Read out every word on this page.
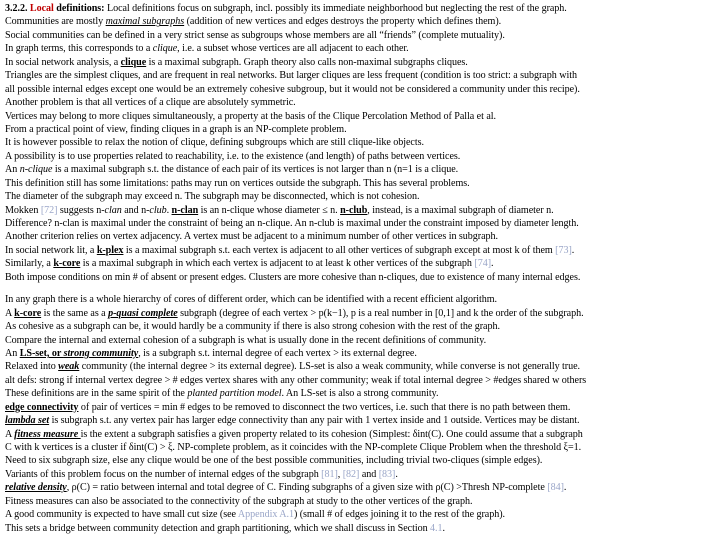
3.2.2. Local definitions: Local definitions focus on subgraph, incl. possibly its immediate neighborhood but neglecting the rest of the graph.
Communities are mostly maximal subgraphs (addition of new vertices and edges destroys the property which defines them).
Social communities can be defined in a very strict sense as subgroups whose members are all “friends” (complete mutuality).
In graph terms, this corresponds to a clique, i.e. a subset whose vertices are all adjacent to each other.
In social network analysis, a clique is a maximal subgraph. Graph theory also calls non-maximal subgraphs cliques.
Triangles are the simplest cliques, and are frequent in real networks. But larger cliques are less frequent (condition is too strict: a subgraph with
all possible internal edges except one would be an extremely cohesive subgroup, but it would not be considered a community under this recipe).
Another problem is that all vertices of a clique are absolutely symmetric.
Vertices may belong to more cliques simultaneously, a property at the basis of the Clique Percolation Method of Palla et al.
From a practical point of view, finding cliques in a graph is an NP-complete problem.
It is however possible to relax the notion of clique, defining subgroups which are still clique-like objects.
A possibility is to use properties related to reachability, i.e. to the existence (and length) of paths between vertices.
An n-clique is a maximal subgraph s.t. the distance of each pair of its vertices is not larger than n (n=1 is a clique.
This definition still has some limitations: paths may run on vertices outside the subgraph. This has several problems.
The diameter of the subgraph may exceed n. The subgraph may be disconnected, which is not cohesion.
Mokken [72] suggests n-clan and n-club. n-clan is an n-clique whose diameter ≤ n. n-club, instead, is a maximal subgraph of diameter n.
Difference? n-clan is maximal under the constraint of being an n-clique. An n-club is maximal under the constraint imposed by diameter length.
Another criterion relies on vertex adjacency. A vertex must be adjacent to a minimum number of other vertices in subgraph.
In social network lit, a k-plex is a maximal subgraph s.t. each vertex is adjacent to all other vertices of subgraph except at most k of them [73].
Similarly, a k-core is a maximal subgraph in which each vertex is adjacent to at least k other vertices of the subgraph [74].
Both impose conditions on min # of absent or present edges. Clusters are more cohesive than n-cliques, due to existence of many internal edges.
In any graph there is a whole hierarchy of cores of different order, which can be identified with a recent efficient algorithm.
A k-core is the same as a p-quasi complete subgraph (degree of each vertex > p(k−1), p is a real number in [0,1] and k the order of the subgraph.
As cohesive as a subgraph can be, it would hardly be a community if there is also strong cohesion with the rest of the graph.
Compare the internal and external cohesion of a subgraph is what is usually done in the recent definitions of community.
An LS-set, or strong community, is a subgraph s.t. internal degree of each vertex > its external degree.
Relaxed into weak community (the internal degree > its external degree). LS-set is also a weak community, while converse is not generally true.
alt defs: strong if internal vertex degree > # edges vertex shares with any other community; weak if total internal degree > #edges shared w others
These definitions are in the same spirit of the planted partition model. An LS-set is also a strong community.
edge connectivity of pair of vertices = min # edges to be removed to disconnect the two vertices, i.e. such that there is no path between them.
lambda set is subgraph s.t. any vertex pair has larger edge connectivity than any pair with 1 vertex inside and 1 outside. Vertices may be distant.
A fitness measure is the extent a subgraph satisfies a given property related to its cohesion (Simplest: δint(C). One could assume that a subgraph
C with k vertices is a cluster if δint(C) > ξ. NP-complete problem, as it coincides with the NP-complete Clique Problem when the threshold ξ=1.
Need to six subgraph size, else any clique would be one of the best possible communities, including trivial two-cliques (simple edges).
Variants of this problem focus on the number of internal edges of the subgraph [81], [82] and [83].
relative density, ρ(C) = ratio between internal and total degree of C. Finding subgraphs of a given size with ρ(C) >Thresh NP-complete [84].
Fitness measures can also be associated to the connectivity of the subgraph at study to the other vertices of the graph.
A good community is expected to have small cut size (see Appendix A.1) (small # of edges joining it to the rest of the graph).
This sets a bridge between community detection and graph partitioning, which we shall discuss in Section 4.1.
